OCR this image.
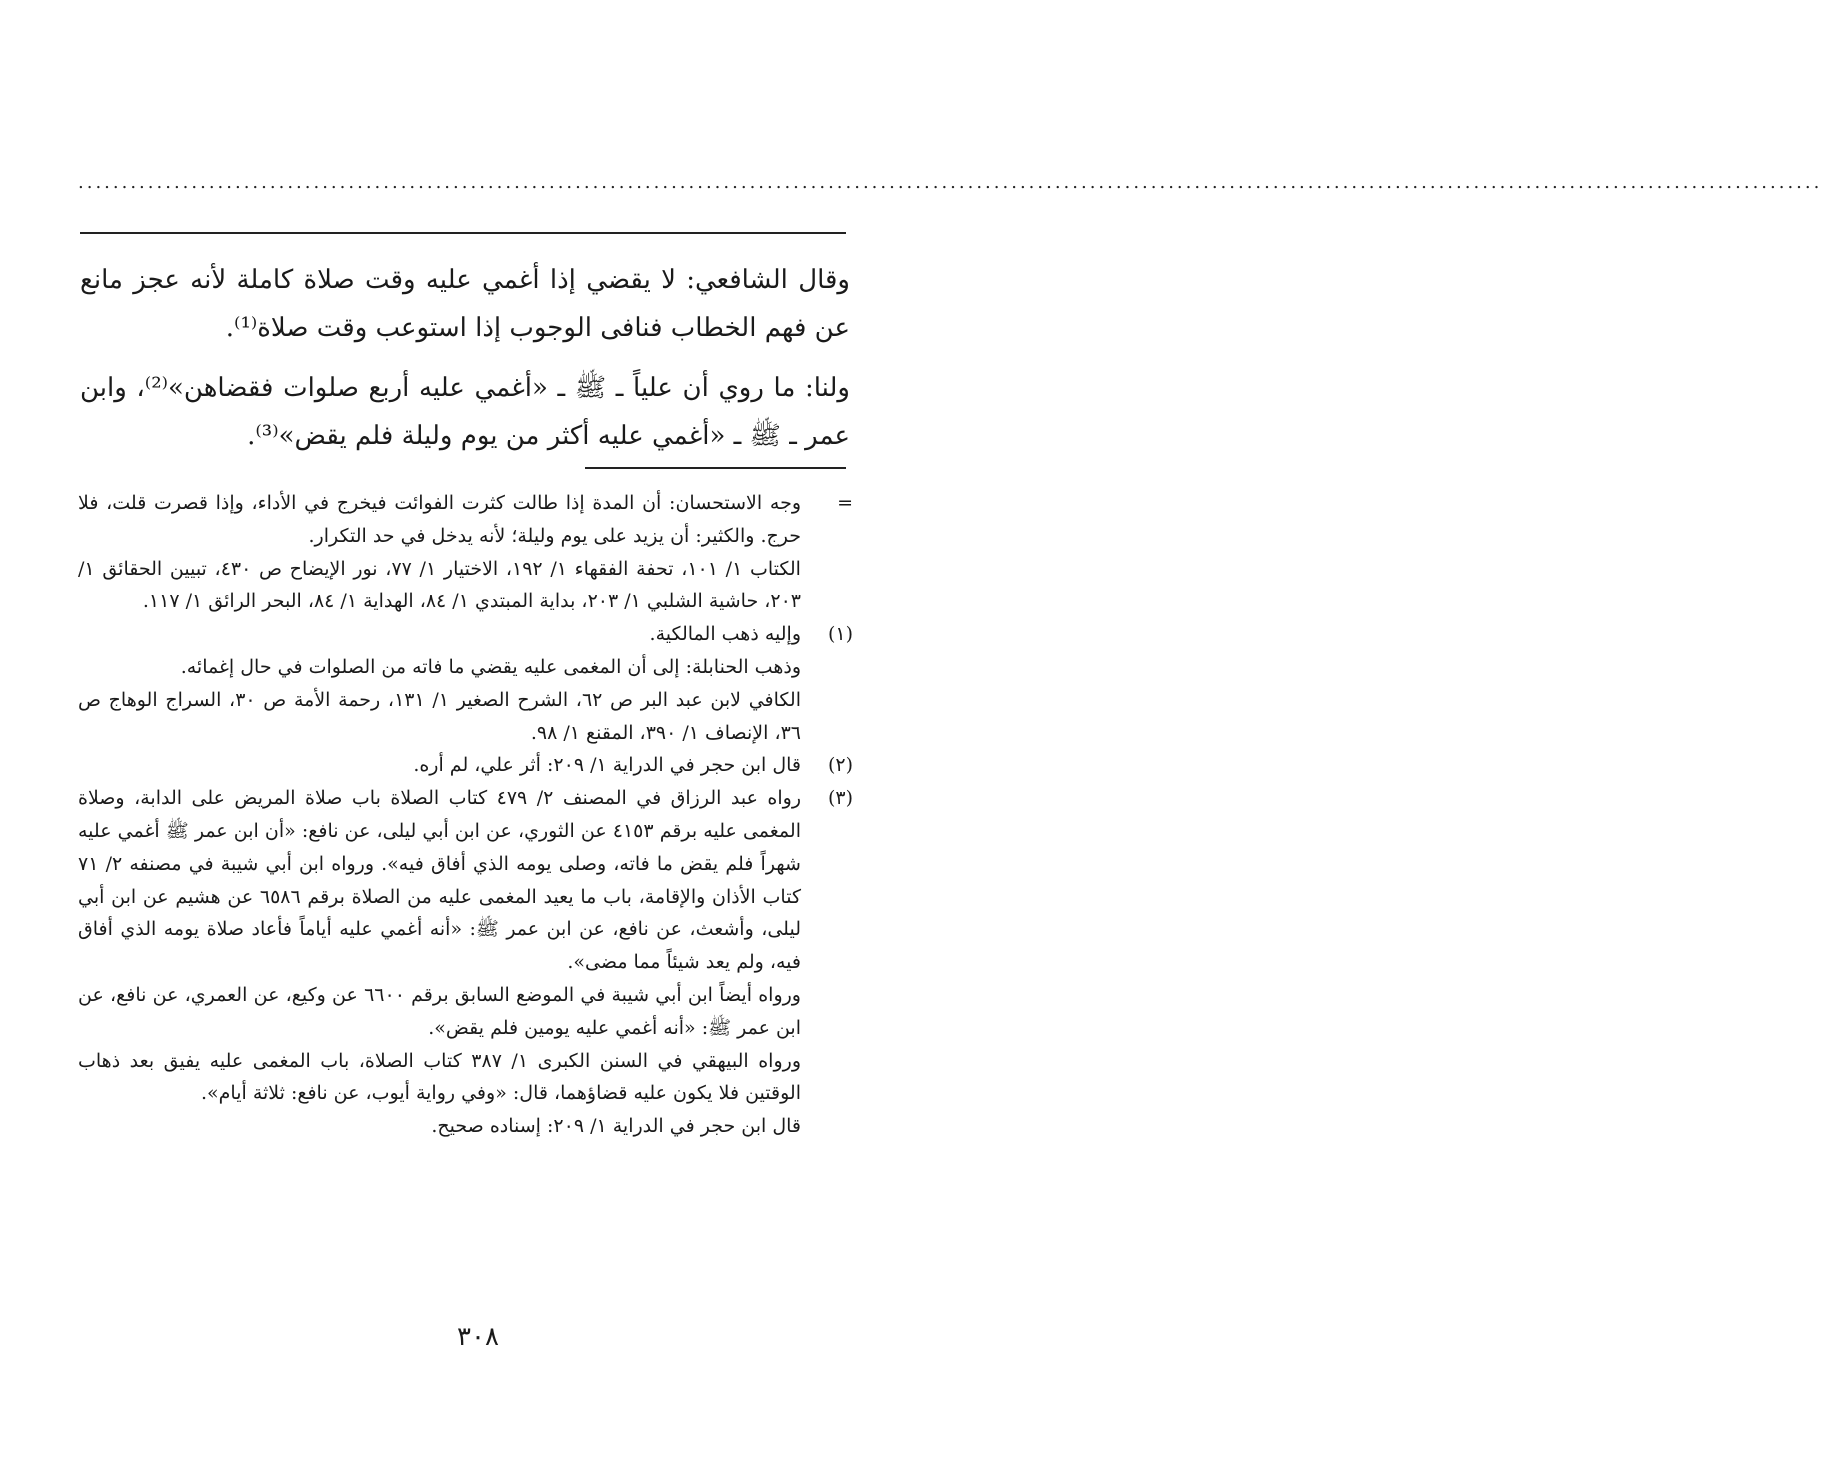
........................................................................................................................................................................................................

وقال الشافعي: لا يقضي إذا أغمي عليه وقت صلاة كاملة لأنه عجز مانع عن فهم الخطاب فنافى الوجوب إذا استوعب وقت صلاة⁽¹⁾.

ولنا: ما روي أن علياً ـ ﷺ ـ «أغمي عليه أربع صلوات فقضاهن»⁽²⁾، وابن عمر ـ ﷺ ـ «أغمي عليه أكثر من يوم وليلة فلم يقض»⁽³⁾.

=
وجه الاستحسان: أن المدة إذا طالت كثرت الفوائت فيخرج في الأداء، وإذا قصرت قلت، فلا حرج. والكثير: أن يزيد على يوم وليلة؛ لأنه يدخل في حد التكرار.
الكتاب ١/ ١٠١، تحفة الفقهاء ١/ ١٩٢، الاختيار ١/ ٧٧، نور الإيضاح ص ٤٣٠، تبيين الحقائق ١/ ٢٠٣، حاشية الشلبي ١/ ٢٠٣، بداية المبتدي ١/ ٨٤، الهداية ١/ ٨٤، البحر الرائق ١/ ١١٧.
(١)
وإليه ذهب المالكية.
وذهب الحنابلة: إلى أن المغمى عليه يقضي ما فاته من الصلوات في حال إغمائه.
الكافي لابن عبد البر ص ٦٢، الشرح الصغير ١/ ١٣١، رحمة الأمة ص ٣٠، السراج الوهاج ص ٣٦، الإنصاف ١/ ٣٩٠، المقنع ١/ ٩٨.
(٢)
قال ابن حجر في الدراية ١/ ٢٠٩: أثر علي، لم أره.
(٣)
رواه عبد الرزاق في المصنف ٢/ ٤٧٩ كتاب الصلاة باب صلاة المريض على الدابة، وصلاة المغمى عليه برقم ٤١٥٣ عن الثوري، عن ابن أبي ليلى، عن نافع: «أن ابن عمر ﷺ أغمي عليه شهراً فلم يقض ما فاته، وصلى يومه الذي أفاق فيه». ورواه ابن أبي شيبة في مصنفه ٢/ ٧١ كتاب الأذان والإقامة، باب ما يعيد المغمى عليه من الصلاة برقم ٦٥٨٦ عن هشيم عن ابن أبي ليلى، وأشعث، عن نافع، عن ابن عمر ﷺ: «أنه أغمي عليه أياماً فأعاد صلاة يومه الذي أفاق فيه، ولم يعد شيئاً مما مضى».
ورواه أيضاً ابن أبي شيبة في الموضع السابق برقم ٦٦٠٠ عن وكيع، عن العمري، عن نافع، عن ابن عمر ﷺ: «أنه أغمي عليه يومين فلم يقض».
ورواه البيهقي في السنن الكبرى ١/ ٣٨٧ كتاب الصلاة، باب المغمى عليه يفيق بعد ذهاب الوقتين فلا يكون عليه قضاؤهما، قال: «وفي رواية أيوب، عن نافع: ثلاثة أيام».
قال ابن حجر في الدراية ١/ ٢٠٩: إسناده صحيح.
٣٠٨
